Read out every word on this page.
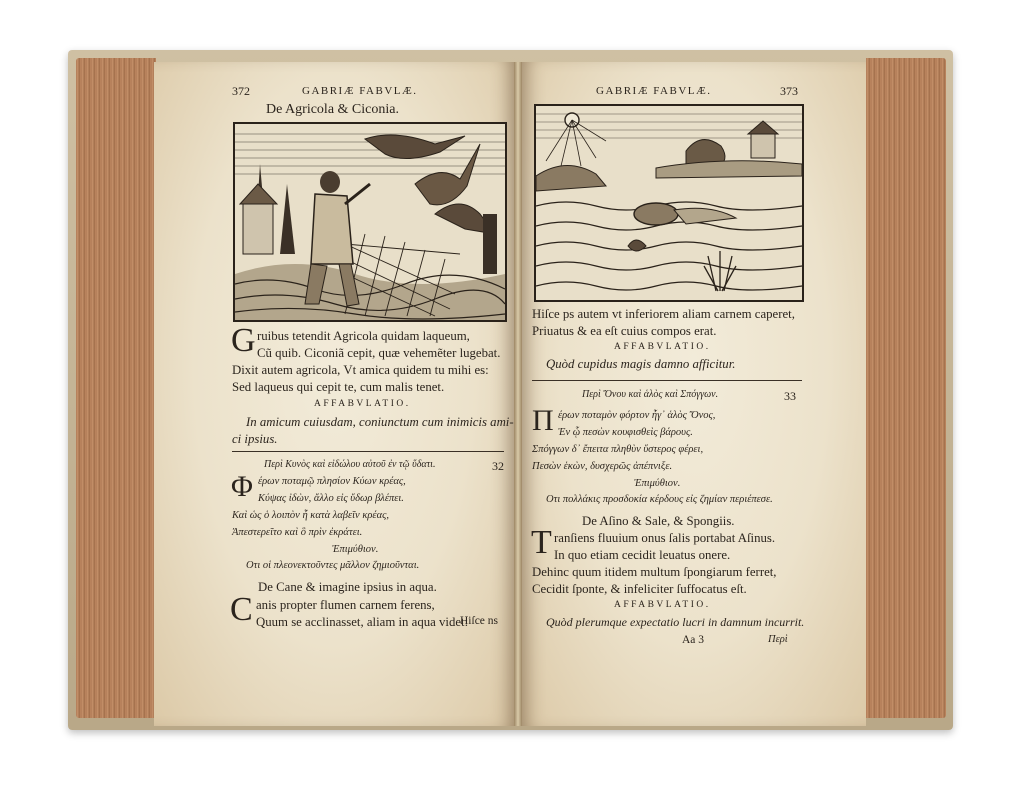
372	GABRIÆ FABVLÆ.
De Agricola & Ciconia.
G ruibus tetendit Agricola quidam laqueum,
Cũ quib. Ciconiã cepit, quæ vehemẽter lugebat.
Dixit autem agricola, Vt amica quidem tu mihi es:
Sed laqueus qui cepit te, cum malis tenet.
AFFABVLATIO.
In amicum cuiusdam, coniunctum cum inimicis ami-
ci ipsius.
Περὶ Κυνὸς καὶ εἰδώλου αὐτοῦ ἐν τῷ ὕδατι.	32
Φ έρων ποταμῷ πλησίον Κύων κρέας,
Κύψας ἰδὼν, ἄλλο εἰς ὕδωρ βλέπει.
Καὶ ὡς ὁ λοιπὸν ἦ κατὰ λαβεῖν κρέας,
Ἀπεστερεῖτο καὶ ὃ πρὶν ἐκράτει.
Ἐπιμύθιον.
Οτι οἱ πλεονεκτοῦντες μᾶλλον ζημιοῦνται.
De Cane & imagine ipsius in aqua.
C anis propter flumen carnem ferens,
Quum se acclinasset, aliam in aqua videt:
Hiſce ns
GABRIÆ FABVLÆ.	373
Hiſce ps autem vt inferiorem aliam carnem caperet,
Priuatus & ea eſt cuius compos erat.
AFFABVLATIO.
Quòd cupidus magis damno afficitur.
Περὶ Ὄνου καὶ ἁλὸς καὶ Σπόγγων.	33
Π έρων ποταμὸν φόρτον ἦγ᾽ ἁλὸς Ὄνος,
Ἐν ᾧ πεσὼν κουφισθεὶς βάρους.
Σπόγγων δ᾽ ἔπειτα πληθὺν ὕστερος φέρει,
Πεσὼν ἑκὼν, δυσχερῶς ἀπέπνιξε.
Ἐπιμύθιον.
Οτι πολλάκις προσδοκία κέρδους εἰς ζημίαν περιέπεσε.
De Aſino & Sale, & Spongiis.
T ranſiens fluuium onus ſalis portabat Aſinus.
In quo etiam cecidit leuatus onere.
Dehinc quum itidem multum ſpongiarum ferret,
Cecidit ſponte, & infeliciter ſuffocatus eſt.
AFFABVLATIO.
Quòd plerumque expectatio lucri in damnum incurrit.
Aa 3	Περὶ
